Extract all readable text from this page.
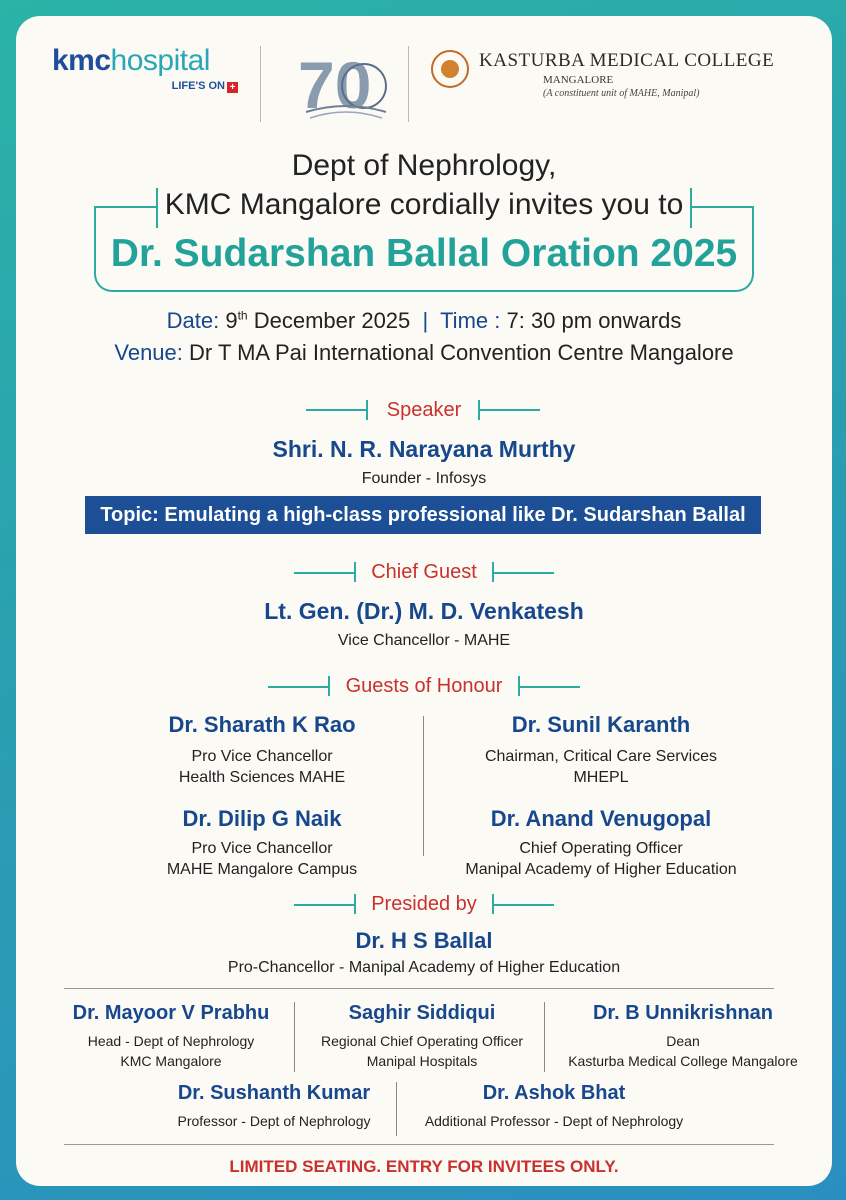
kmchospital
LIFE'S ON + 70	KASTURBA MEDICAL COLLEGE
MANGALORE
(A constituent unit of MAHE, Manipal)
Dept of Nephrology,
KMC Mangalore cordially invites you to
Dr. Sudarshan Ballal Oration 2025
Date: 9th December 2025 | Time : 7: 30 pm onwards
Venue: Dr T MA Pai International Convention Centre Mangalore
Speaker
Shri. N. R. Narayana Murthy
Founder - Infosys
Topic: Emulating a high-class professional like Dr. Sudarshan Ballal
Chief Guest
Lt. Gen. (Dr.) M. D. Venkatesh
Vice Chancellor - MAHE
Guests of Honour
Dr. Sharath K Rao
Pro Vice Chancellor
Health Sciences MAHE
Dr. Sunil Karanth
Chairman, Critical Care Services
MHEPL
Dr. Dilip G Naik
Pro Vice Chancellor
MAHE Mangalore Campus
Dr. Anand Venugopal
Chief Operating Officer
Manipal Academy of Higher Education
Presided by
Dr. H S Ballal
Pro-Chancellor - Manipal Academy of Higher Education
Dr. Mayoor V Prabhu
Head - Dept of Nephrology
KMC Mangalore
Saghir Siddiqui
Regional Chief Operating Officer
Manipal Hospitals
Dr. B Unnikrishnan
Dean
Kasturba Medical College Mangalore
Dr. Sushanth Kumar
Professor - Dept of Nephrology
Dr. Ashok Bhat
Additional Professor - Dept of Nephrology
LIMITED SEATING. ENTRY FOR INVITEES ONLY.
